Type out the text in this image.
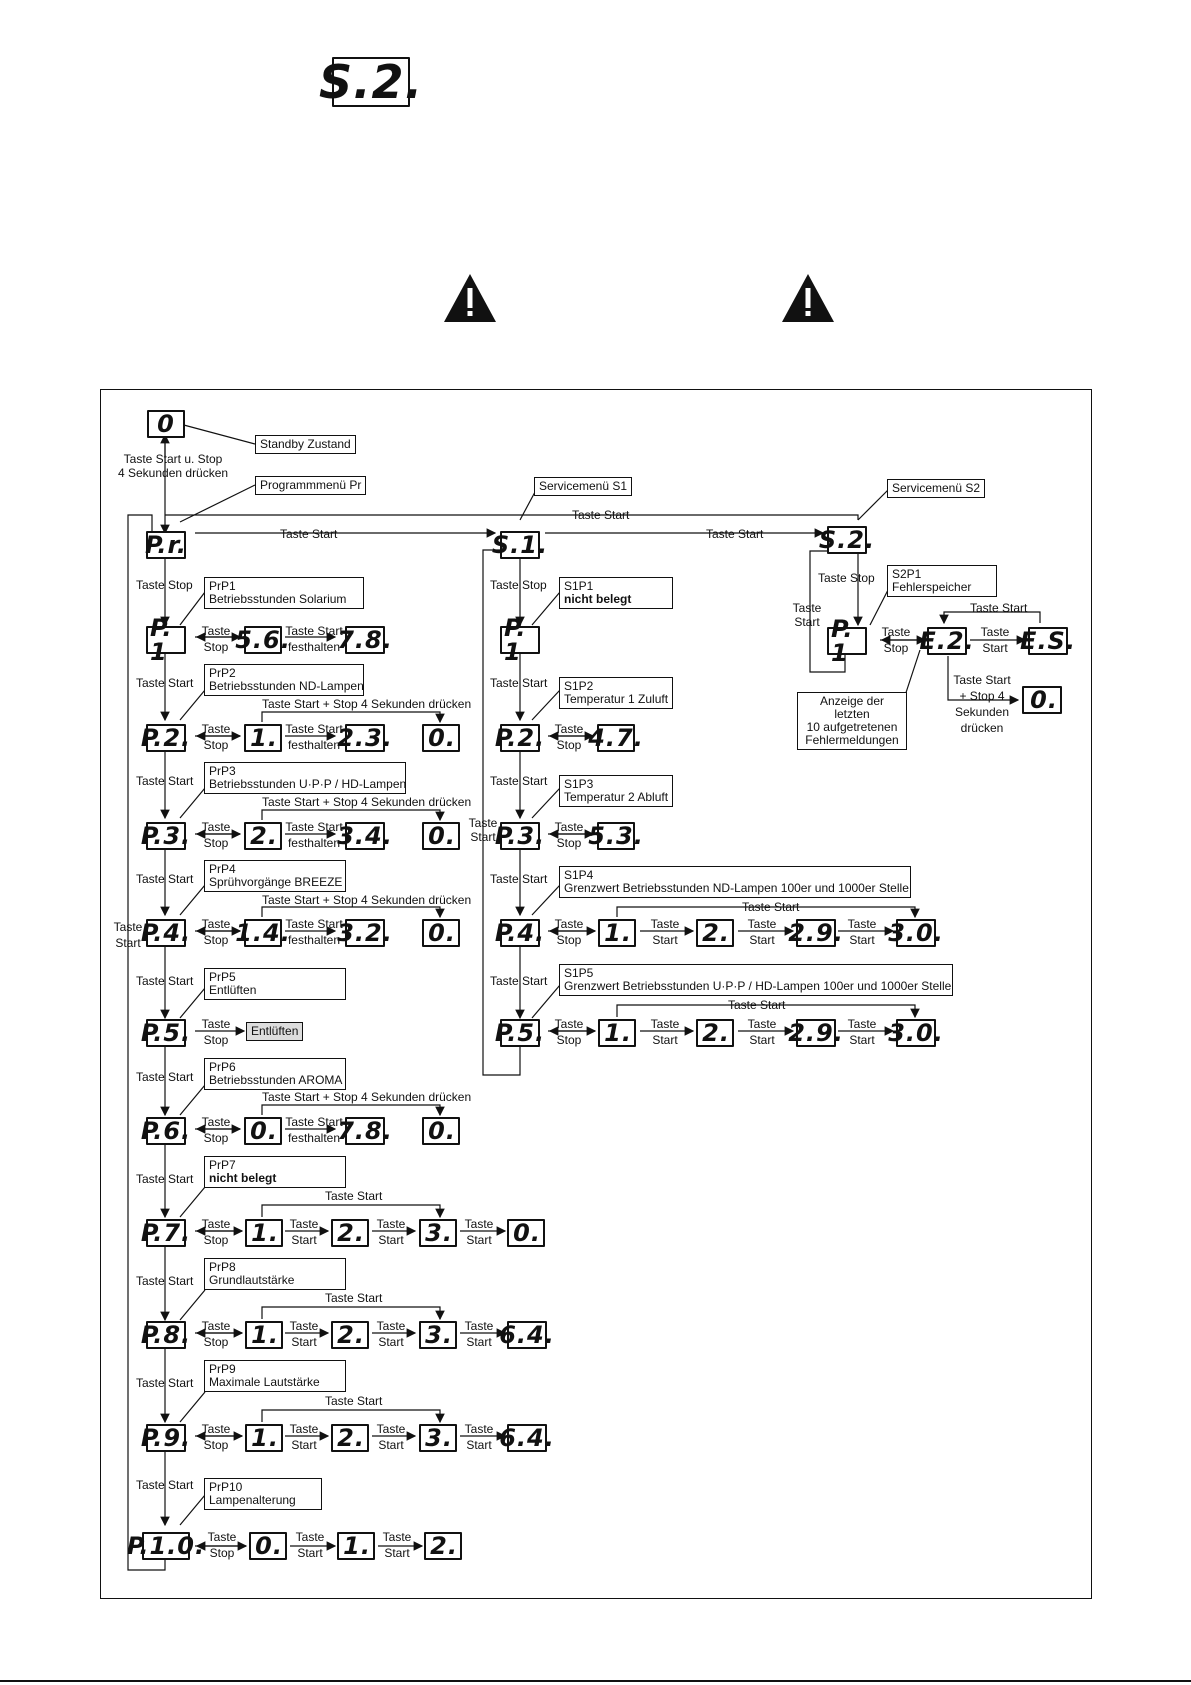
S.2.
0
Standby Zustand
Taste Start u. Stop
4 Sekunden drücken
Programmmenü Pr
P.r.	Taste Start
Taste Start
Servicemenü S1
S.1.	Taste Start
Servicemenü S2
S.2.
Taste Stop
Taste Start
Taste Start
Taste Start
Taste Start
Taste Start
Taste Start
Taste Start
Taste Start
Taste Start
Taste
Start
PrP1
Betriebsstunden Solarium
P. 1
Taste
Stop 5.6.
Taste Start
festhalten
7.8.
PrP2
Betriebsstunden ND-Lampen
Taste Start + Stop 4 Sekunden drücken
P.2. Taste
Stop 1. Taste Start
festhalten
2.3. 0.
PrP3
Betriebsstunden U·P·P / HD-Lampen
Taste Start + Stop 4 Sekunden drücken
P.3. Taste
Stop 2. Taste Start
festhalten
3.4. 0.
PrP4
Sprühvorgänge BREEZE
Taste Start + Stop 4 Sekunden drücken
P.4. Taste
Stop 1.4.
Taste Start
festhalten
3.2. 0.
PrP5
Entlüften
P.5. Taste
Stop
Entlüften
PrP6
Betriebsstunden AROMA
Taste Start + Stop 4 Sekunden drücken
P.6. Taste
Stop 0. Taste Start
festhalten
7.8. 0.
PrP7
nicht belegt
Taste Start
P.7. Taste
Stop 1. Taste
Start 2. Taste
Start 3. Taste
Start 0.
PrP8
Grundlautstärke
Taste Start
P.8. Taste
Stop 1. Taste
Start 2. Taste
Start 3. Taste
Start 6.4.
PrP9
Maximale Lautstärke
Taste Start
P.9. Taste
Stop 1. Taste
Start 2. Taste
Start 3. Taste
Start 6.4.
PrP10
Lampenalterung
P.1.0. Taste
Stop 0.	Taste
Start 1. Taste
Start 2.
Taste Stop
Taste Start
Taste Start
Taste Start
Taste Start
Taste
Start
S1P1
nicht belegt
P. 1
S1P2
Temperatur 1 Zuluft
P.2. Taste
Stop 4.7.
S1P3
Temperatur 2 Abluft
P.3. Taste
Stop 5.3.
S1P4
Grenzwert Betriebsstunden ND-Lampen 100er und 1000er Stelle
Taste Start
P.4. Taste
Stop 1.	Taste
Start	2.	Taste
Start 2.9. Taste
Start 3.0.
S1P5
Grenzwert Betriebsstunden U·P·P / HD-Lampen 100er und 1000er Stelle
Taste Start
P.5. Taste
Stop 1.	Taste
Start	2.	Taste
Start 2.9. Taste
Start 3.0.
Taste Stop
Taste
Start
S2P1
Fehlerspeicher
P. 1
Taste
Stop E.2.
Taste Start
Taste
Start E.S.
Taste Start
+ Stop 4
Sekunden
drücken
0.
Anzeige der letzten
10 aufgetretenen
Fehlermeldungen
